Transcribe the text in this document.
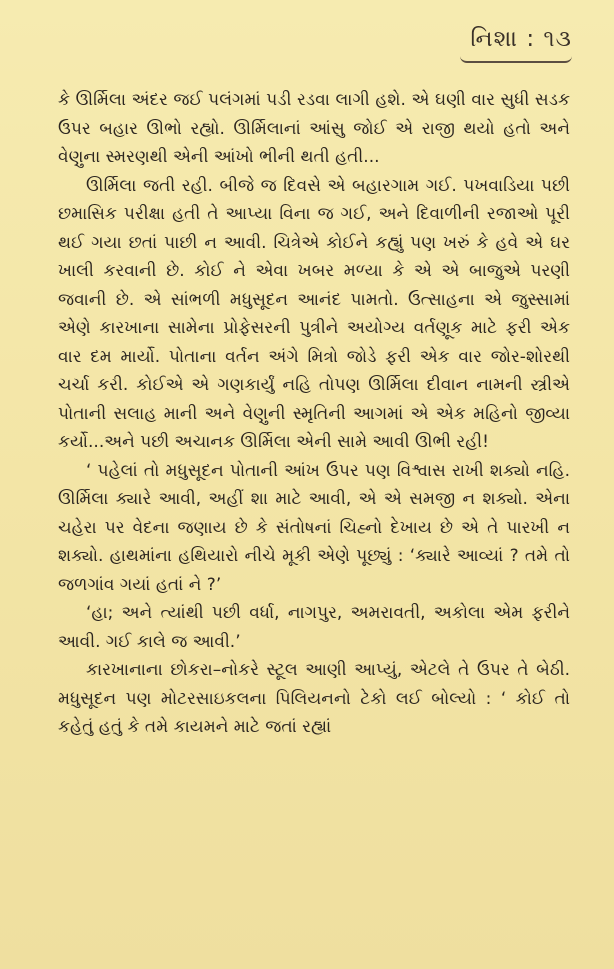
નિશા : ૧૩

કે ઊર્મિલા અંદર જઈ પલંગમાં પડી રડવા લાગી હશે. એ ઘણી વાર સુધી સડક ઉપર બહાર ઊભો રહ્યો. ઊર્મિલાનાં આંસુ જોઈ એ રાજી થયો હતો અને વેણુના સ્મરણથી એની આંખો ભીની થતી હતી...

ઊર્મિલા જતી રહી. બીજે જ દિવસે એ બહારગામ ગઈ. પખવાડિયા પછી છમાસિક પરીક્ષા હતી તે આપ્યા વિના જ ગઈ, અને દિવાળીની રજાઓ પૂરી થઈ ગયા છતાં પાછી ન આવી. ચિત્રેએ કોઈને કહ્યું પણ ખરું કે હવે એ ઘર ખાલી કરવાની છે. કોઈ ને એવા ખબર મળ્યા કે એ એ બાજુએ પરણી જવાની છે. એ સાંભળી મધુસૂદન આનંદ પામતો. ઉત્સાહના એ જુસ્સામાં એણે કારખાના સામેના પ્રોફેસરની પુત્રીને અયોગ્ય વર્તણૂક માટે ફરી એક વાર દમ માર્યો. પોતાના વર્તન અંગે મિત્રો જોડે ફરી એક વાર જોર-શોરથી ચર્ચા કરી. કોઈએ એ ગણકાર્યું નહિ તોપણ ઊર્મિલા દીવાન નામની સ્ત્રીએ પોતાની સલાહ માની અને વેણુની સ્મૃતિની આગમાં એ એક મહિનો જીવ્યા કર્યો...અને પછી અચાનક ઊર્મિલા એની સામે આવી ઊભી રહી!

‘ પહેલાં તો મધુસૂદન પોતાની આંખ ઉપર પણ વિશ્વાસ રાખી શક્યો નહિ. ઊર્મિલા ક્યારે આવી, અહીં શા માટે આવી, એ એ સમજી ન શક્યો. એના ચહેરા પર વેદના જણાય છે કે સંતોષનાં ચિહ્નો દેખાય છે એ તે પારખી ન શક્યો. હાથમાંના હથિયારો નીચે મૂકી એણે પૂછ્યું : ‘ક્યારે આવ્યાં ? તમે તો જળગાંવ ગયાં હતાં ને ?’

‘હા; અને ત્યાંથી પછી વર્ધા, નાગપુર, અમરાવતી, અકોલા એમ ફરીને આવી. ગઈ કાલે જ આવી.’

કારખાનાના છોકરા–નોકરે સ્ટૂલ આણી આપ્યું, એટલે તે ઉપર તે બેઠી. મધુસૂદન પણ મોટરસાઇકલના પિલિયનનો ટેકો લઈ બોલ્યો : ‘ કોઈ તો કહેતું હતું કે તમે કાયમને માટે જતાં રહ્યાં
